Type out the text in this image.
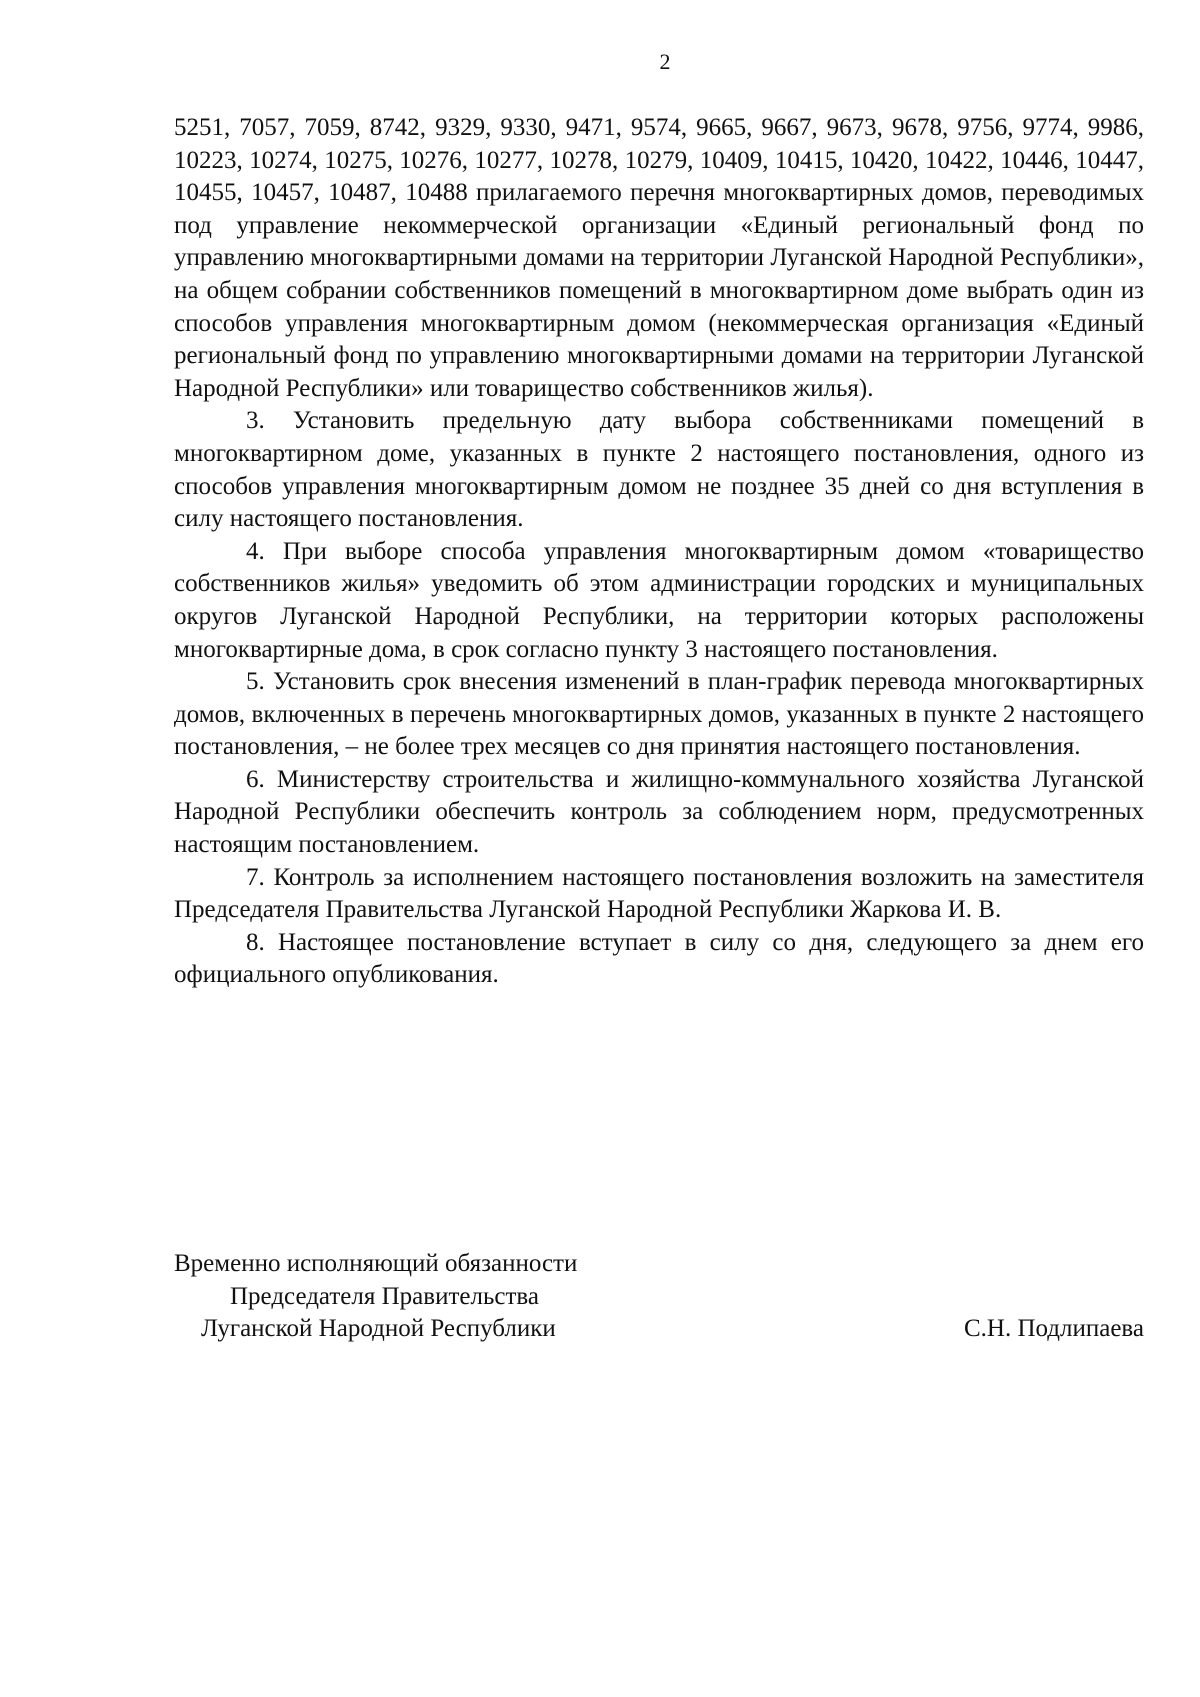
2

5251, 7057, 7059, 8742, 9329, 9330, 9471, 9574, 9665, 9667, 9673, 9678, 9756, 9774, 9986, 10223, 10274, 10275, 10276, 10277, 10278, 10279, 10409, 10415, 10420, 10422, 10446, 10447, 10455, 10457, 10487, 10488 прилагаемого перечня многоквартирных домов, переводимых под управление некоммерческой организации «Единый региональный фонд по управлению многоквартирными домами на территории Луганской Народной Республики», на общем собрании собственников помещений в многоквартирном доме выбрать один из способов управления многоквартирным домом (некоммерческая организация «Единый региональный фонд по управлению многоквартирными домами на территории Луганской Народной Республики» или товарищество собственников жилья).

3. Установить предельную дату выбора собственниками помещений в многоквартирном доме, указанных в пункте 2 настоящего постановления, одного из способов управления многоквартирным домом не позднее 35 дней со дня вступления в силу настоящего постановления.

4. При выборе способа управления многоквартирным домом «товарищество собственников жилья» уведомить об этом администрации городских и муниципальных округов Луганской Народной Республики, на территории которых расположены многоквартирные дома, в срок согласно пункту 3 настоящего постановления.

5. Установить срок внесения изменений в план-график перевода многоквартирных домов, включенных в перечень многоквартирных домов, указанных в пункте 2 настоящего постановления, – не более трех месяцев со дня принятия настоящего постановления.

6. Министерству строительства и жилищно-коммунального хозяйства Луганской Народной Республики обеспечить контроль за соблюдением норм, предусмотренных настоящим постановлением.

7. Контроль за исполнением настоящего постановления возложить на заместителя Председателя Правительства Луганской Народной Республики Жаркова И. В.

8. Настоящее постановление вступает в силу со дня, следующего за днем его официального опубликования.

Временно исполняющий обязанности
Председателя Правительства
Луганской Народной Республики	С.Н. Подлипаева
